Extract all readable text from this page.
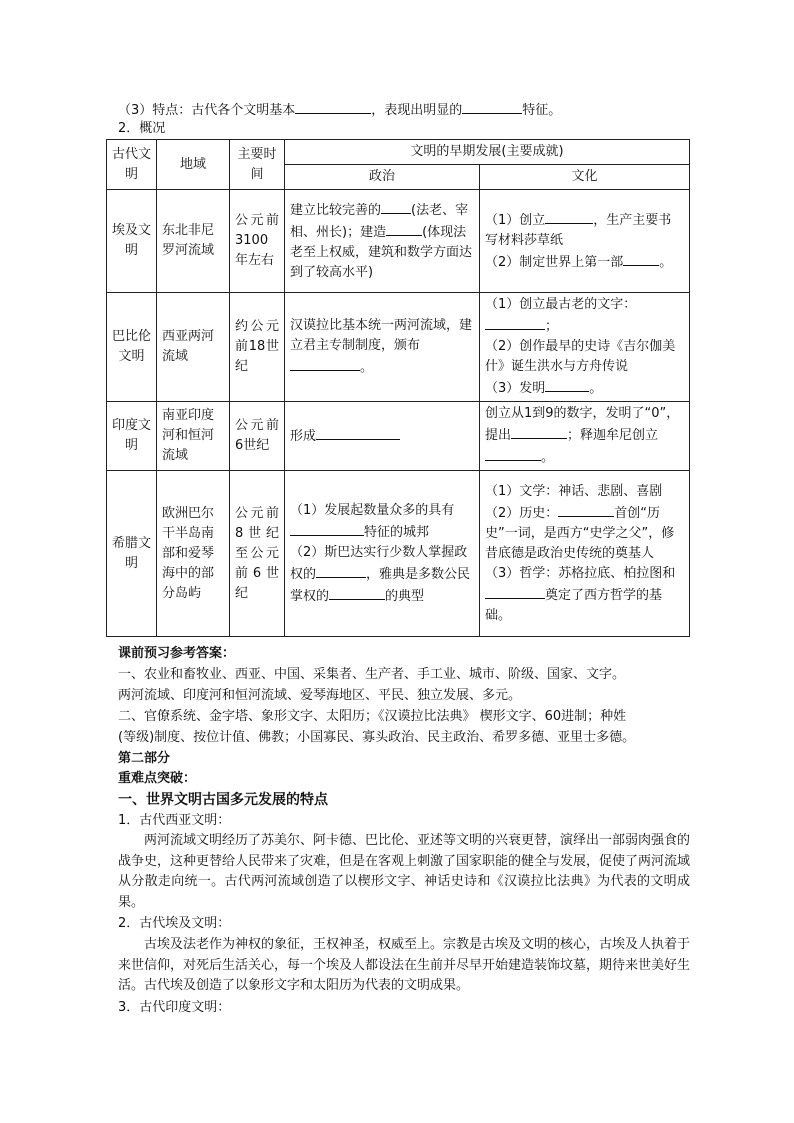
（3）特点：古代各个文明基本	，表现出明显的	特征。
2．概况
古代文明	地域	主要时间	文明的早期发展(主要成就)	
			政治	文化
埃及文明	东北非尼罗河流域	公元前3100年左右	建立比较完善的 (法老、宰相、州长)；建造 (体现法老至上权威，建筑和数学方面达到了较高水平)	（1）创立 ，生产主要书写材料莎草纸
（2）制定世界上第一部 。

巴比伦文明	西亚两河流域	约公元前18世纪	汉谟拉比基本统一两河流域，建立君主专制制度，颁布。	（1）创立最古老的文字：；
（2）创作最早的史诗《吉尔伽美什》诞生洪水与方舟传说
（3）发明 。

印度文明	南亚印度河和恒河流域	公元前6世纪	形成	创立从1到9的数字，发明了“0”，提出 ；释迦牟尼创立。
希腊文明	欧洲巴尔干半岛南部和爱琴海中的部分岛屿	公元前8世纪至公元前6世纪	（1）发展起数量众多的具有特征的城邦
（2）斯巴达实行少数人掌握政权的 ，雅典是多数公民掌权的 的典型	（1）文学：神话、悲剧、喜剧
（2）历史： 首创“历史”一词，是西方“史学之父”，修昔底德是政治史传统的奠基人
（3）哲学：苏格拉底、柏拉图和奠定了西方哲学的基础。
课前预习参考答案：
一、农业和畜牧业、西亚、中国、采集者、生产者、手工业、城市、阶级、国家、文字。
两河流域、印度河和恒河流域、爱琴海地区、平民、独立发展、多元。
二、官僚系统、金字塔、象形文字、太阳历；《汉谟拉比法典》 楔形文字、60进制；种姓
(等级)制度、按位计值、佛教；小国寡民、寡头政治、民主政治、希罗多德、亚里士多德。
第二部分
重难点突破：
一、世界文明古国多元发展的特点
1．古代西亚文明：
两河流域文明经历了苏美尔、阿卡德、巴比伦、亚述等文明的兴衰更替，演绎出一部弱肉强食的战争史，这种更替给人民带来了灾难，但是在客观上刺激了国家职能的健全与发展，促使了两河流域从分散走向统一。古代两河流域创造了以楔形文字、神话史诗和《汉谟拉比法典》为代表的文明成果。
2．古代埃及文明：
古埃及法老作为神权的象征，王权神圣，权威至上。宗教是古埃及文明的核心，古埃及人执着于来世信仰，对死后生活关心，每一个埃及人都设法在生前并尽早开始建造装饰坟墓，期待来世美好生活。古代埃及创造了以象形文字和太阳历为代表的文明成果。
3．古代印度文明：
